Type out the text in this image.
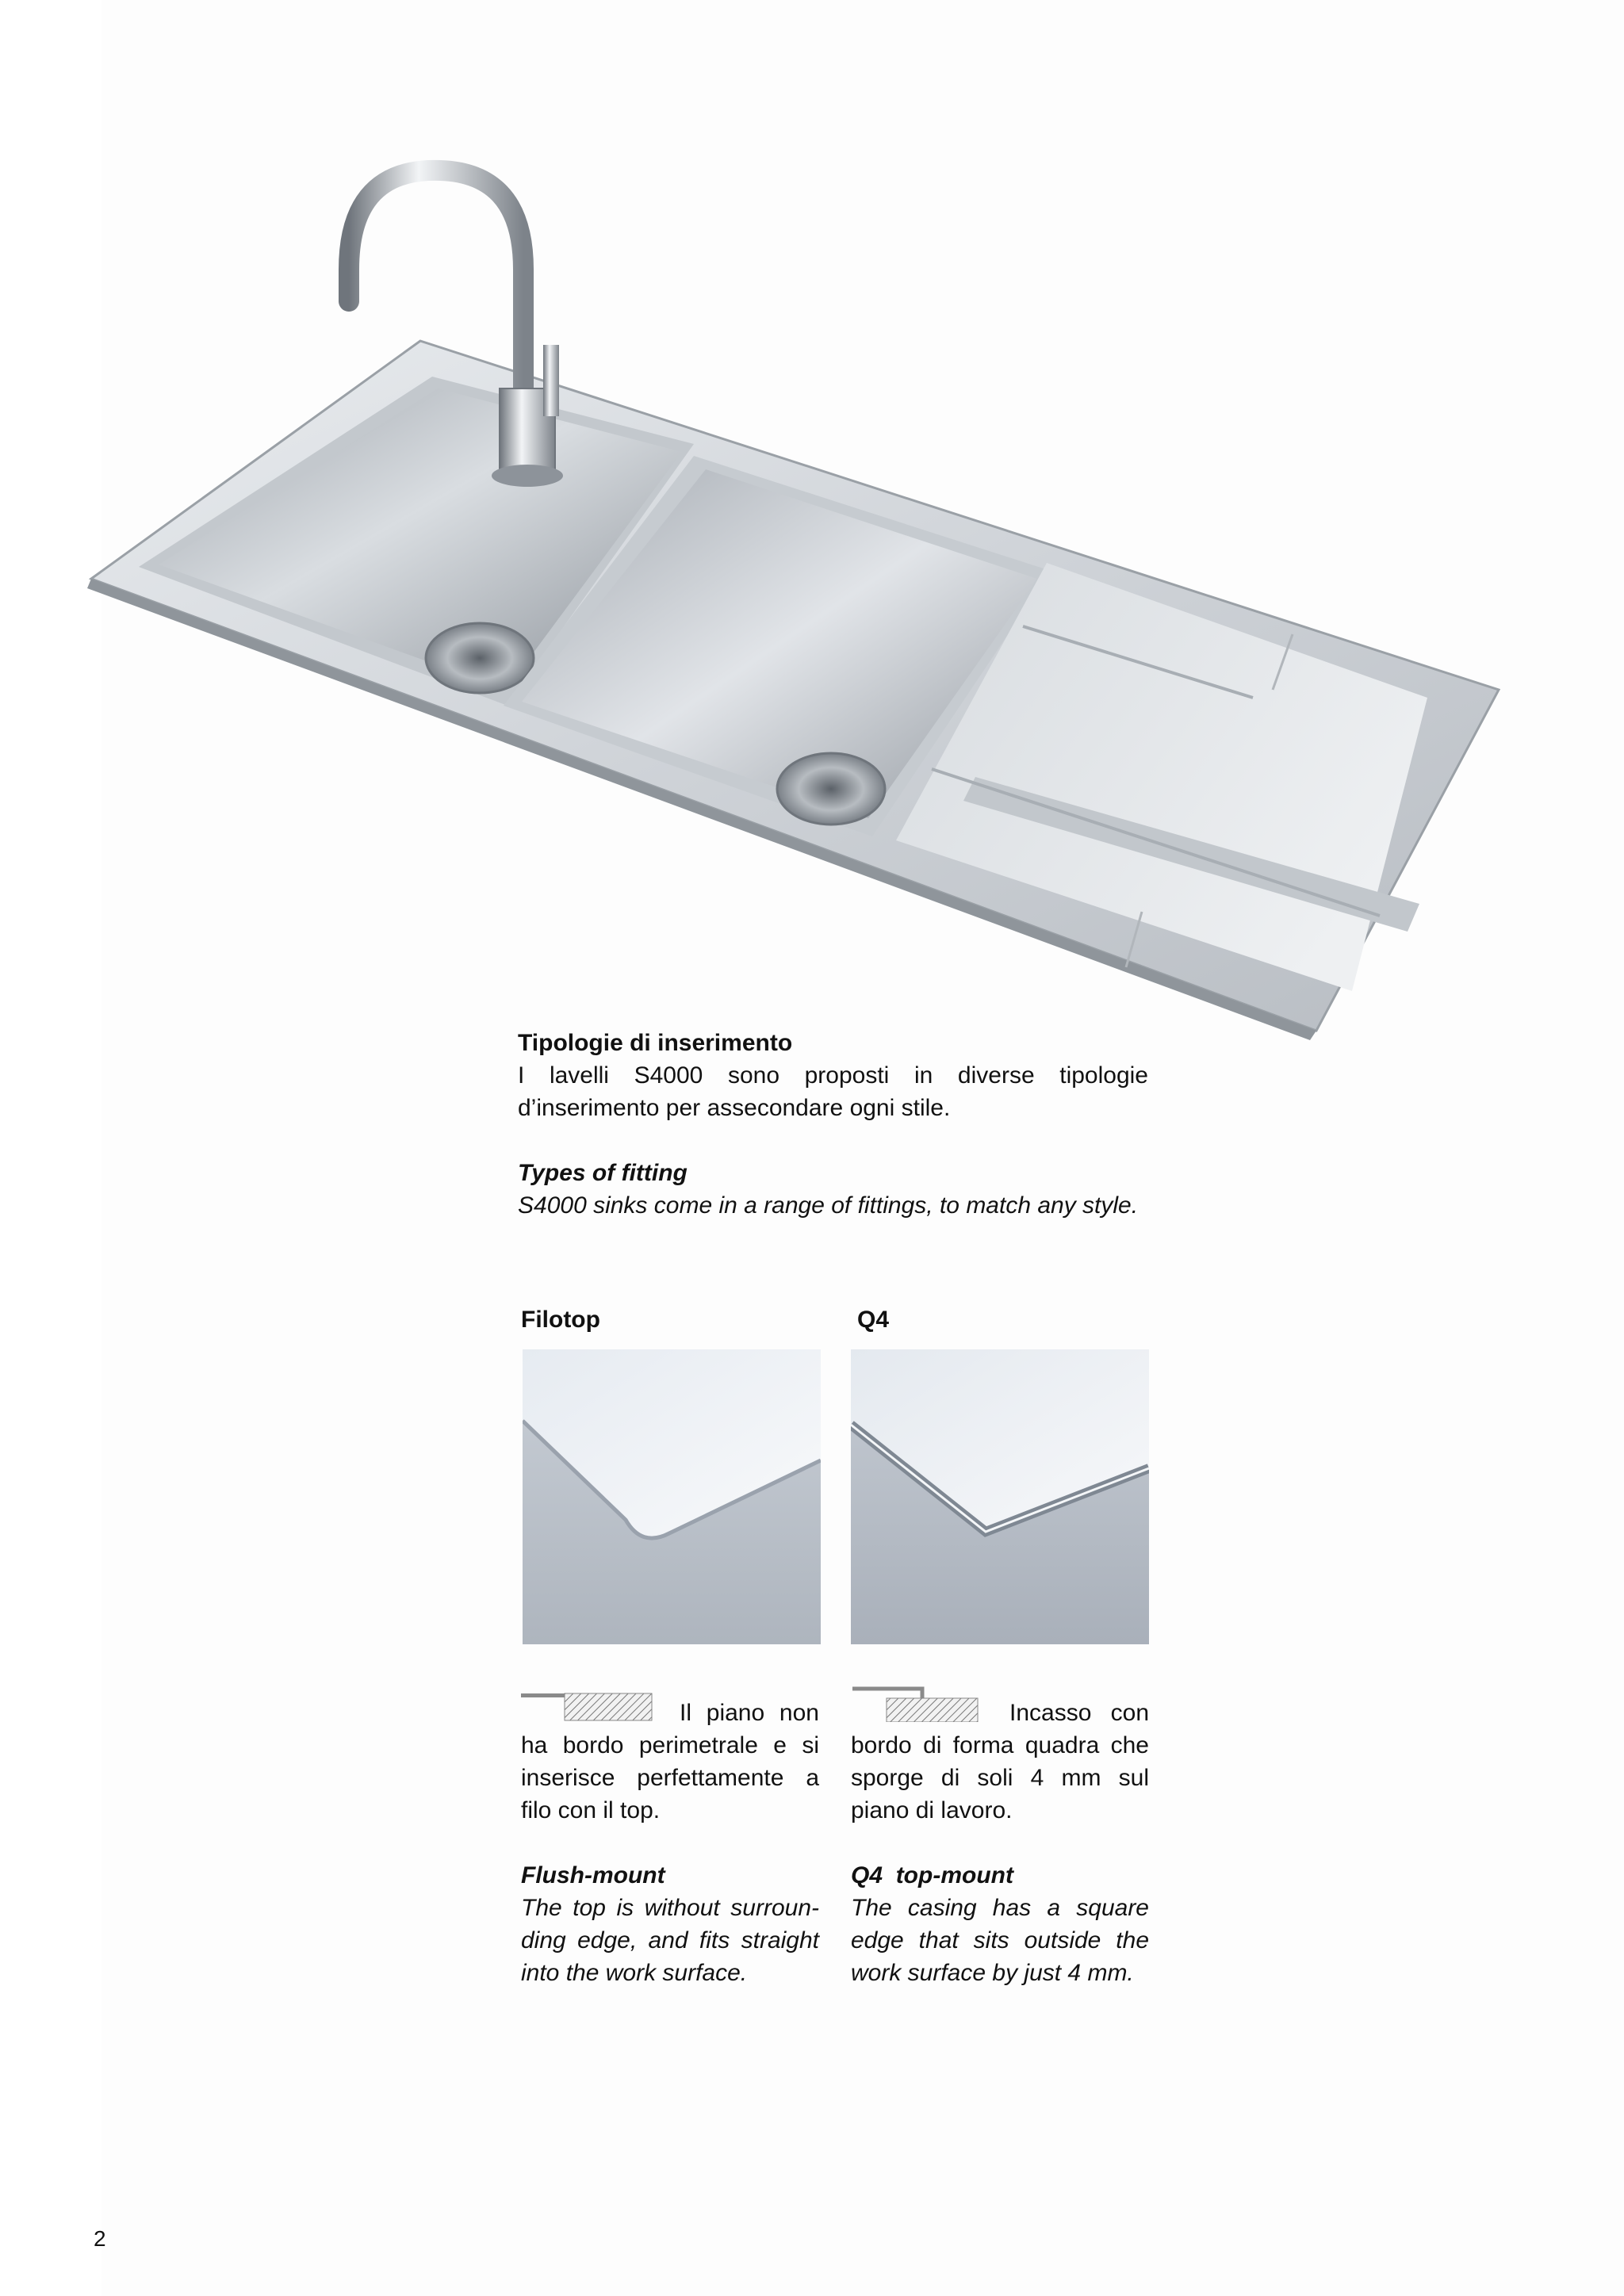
Tipologie di inserimento

I lavelli S4000 sono proposti in diverse tipologie d’inserimento per assecondare ogni stile.

Types of fitting

S4000 sinks come in a range of fittings, to match any style.

Filotop	Q4

Il piano non ha bordo perimetrale e si inserisce perfettamente a filo con il top.

Flush-mount

The top is without surroun-ding edge, and fits straight into the work surface.

Incasso con bordo di forma quadra che sporge di soli 4 mm sul piano di lavoro.

Q4  top-mount

The casing has a square edge that sits outside the work surface by just 4 mm.

2
